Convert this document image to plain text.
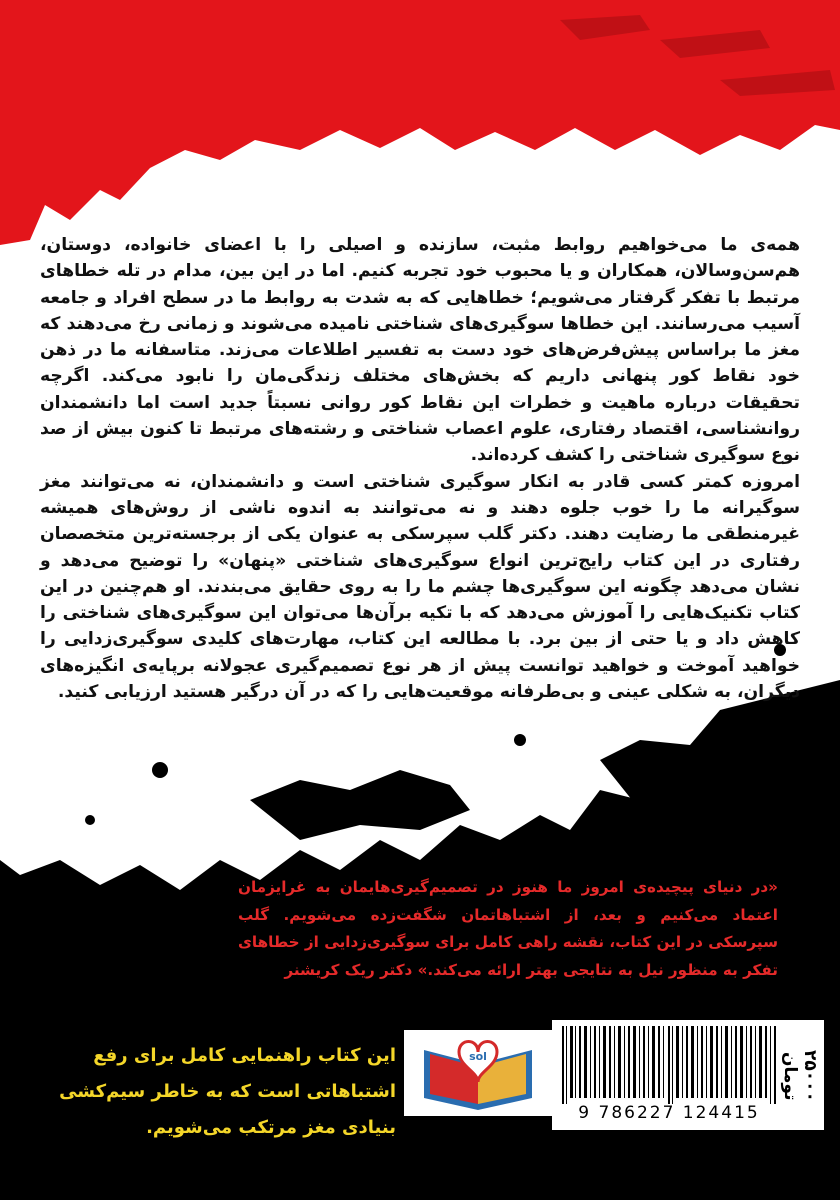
همه‌ی ما می‌خواهیم روابط مثبت، سازنده و اصیلی را با اعضای خانواده، دوستان، هم‌سن‌وسالان، همکاران و یا محبوب خود تجربه کنیم. اما در این بین، مدام در تله خطاهای مرتبط با تفکر گرفتار می‌شویم؛ خطاهایی که به شدت به روابط ما در سطح افراد و جامعه آسیب می‌رسانند. این خطاها سوگیری‌های شناختی نامیده می‌شوند و زمانی رخ می‌دهند که مغز ما براساس پیش‌فرض‌های خود دست به تفسیر اطلاعات می‌زند. متاسفانه ما در ذهن خود نقاط کور پنهانی داریم که بخش‌های مختلف زندگی‌مان را نابود می‌کند. اگرچه تحقیقات درباره ماهیت و خطرات این نقاط کور روانی نسبتاً جدید است اما دانشمندان روانشناسی، اقتصاد رفتاری، علوم اعصاب شناختی و رشته‌های مرتبط تا کنون بیش از صد نوع سوگیری شناختی را کشف کرده‌اند.

امروزه کمتر کسی قادر به انکار سوگیری شناختی است و دانشمندان، نه می‌توانند مغز سوگیرانه ما را خوب جلوه دهند و نه می‌توانند به اندوه ناشی از روش‌های همیشه غیرمنطقی ما رضایت دهند. دکتر گلب سپرسکی به عنوان یکی از برجسته‌ترین متخصصان رفتاری در این کتاب رایج‌ترین انواع سوگیری‌های شناختی «پنهان» را توضیح می‌دهد و نشان می‌دهد چگونه این سوگیری‌ها چشم ما را به روی حقایق می‌بندند. او هم‌چنین در این کتاب تکنیک‌هایی را آموزش می‌دهد که با تکیه برآن‌ها می‌توان این سوگیری‌های شناختی را کاهش داد و یا حتی از بین برد. با مطالعه این کتاب، مهارت‌های کلیدی سوگیری‌زدایی را خواهید آموخت و خواهید توانست پیش از هر نوع تصمیم‌گیری عجولانه برپایه‌ی انگیزه‌های دیگران، به شکلی عینی و بی‌طرفانه موقعیت‌هایی را که در آن درگیر هستید ارزیابی کنید.

«در دنیای پیچیده‌ی امروز ما هنوز در تصمیم‌گیری‌هایمان به غرایزمان اعتماد می‌کنیم و بعد، از اشتباهاتمان شگفت‌زده می‌شویم. گلب سپرسکی در این کتاب، نقشه راهی کامل برای سوگیری‌زدایی از خطاهای تفکر به منظور نیل به نتایجی بهتر ارائه می‌کند.» دکتر ریک کریشنر
این کتاب راهنمایی کامل برای رفع اشتباهاتی است که به خاطر سیم‌کشی بنیادی مغز مرتکب می‌شویم.
sol
9 786227 124415
۲۵۰۰۰ تومان
